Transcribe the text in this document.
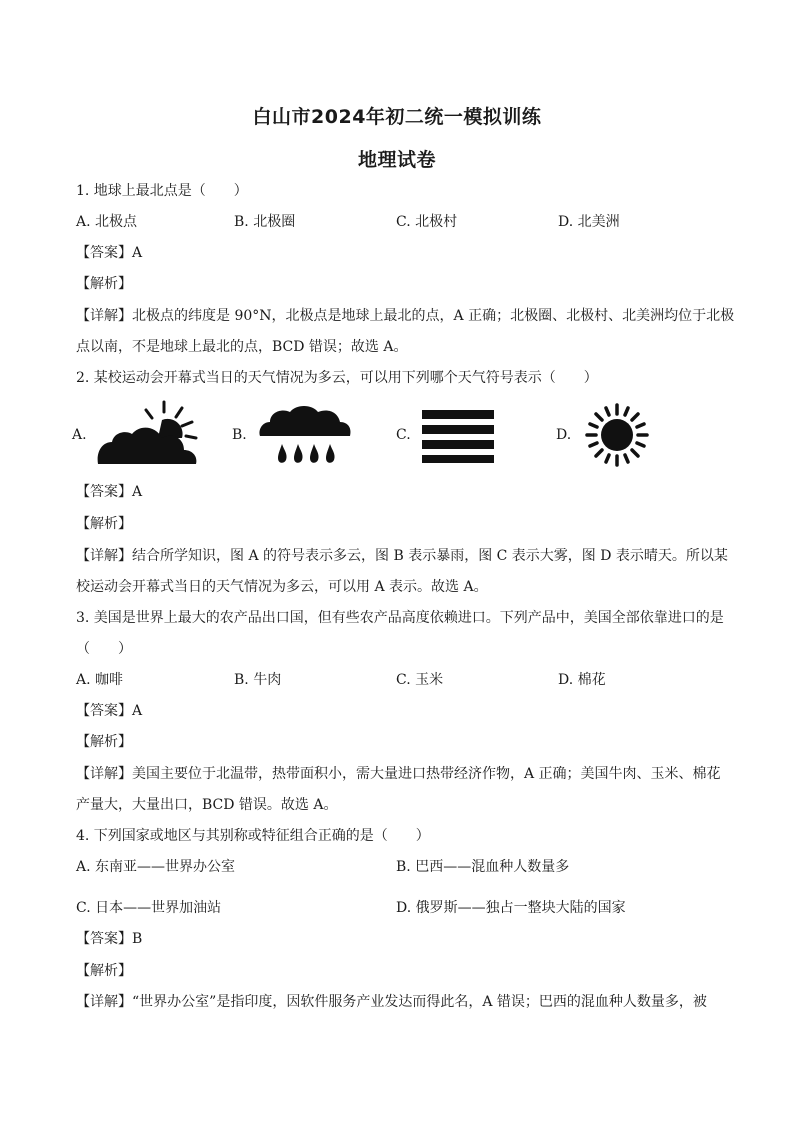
白山市2024年初二统一模拟训练
地理试卷
1. 地球上最北点是（　　）
A. 北极点	B. 北极圈	C. 北极村	D. 北美洲
【答案】A
【解析】
【详解】北极点的纬度是 90°N，北极点是地球上最北的点，A 正确；北极圈、北极村、北美洲均位于北极
点以南，不是地球上最北的点，BCD 错误；故选 A。
2. 某校运动会开幕式当日的天气情况为多云，可以用下列哪个天气符号表示（　　）
A.	B.	C.	D.
【答案】A
【解析】
【详解】结合所学知识，图 A 的符号表示多云，图 B 表示暴雨，图 C 表示大雾，图 D 表示晴天。所以某
校运动会开幕式当日的天气情况为多云，可以用 A 表示。故选 A。
3. 美国是世界上最大的农产品出口国，但有些农产品高度依赖进口。下列产品中，美国全部依靠进口的是
（　　）
A. 咖啡	B. 牛肉	C. 玉米	D. 棉花
【答案】A
【解析】
【详解】美国主要位于北温带，热带面积小，需大量进口热带经济作物，A 正确；美国牛肉、玉米、棉花
产量大，大量出口，BCD 错误。故选 A。
4. 下列国家或地区与其别称或特征组合正确的是（　　）
A. 东南亚——世界办公室	B. 巴西——混血种人数量多
C. 日本——世界加油站	D. 俄罗斯——独占一整块大陆的国家
【答案】B
【解析】
【详解】“世界办公室”是指印度，因软件服务产业发达而得此名，A 错误；巴西的混血种人数量多，被
